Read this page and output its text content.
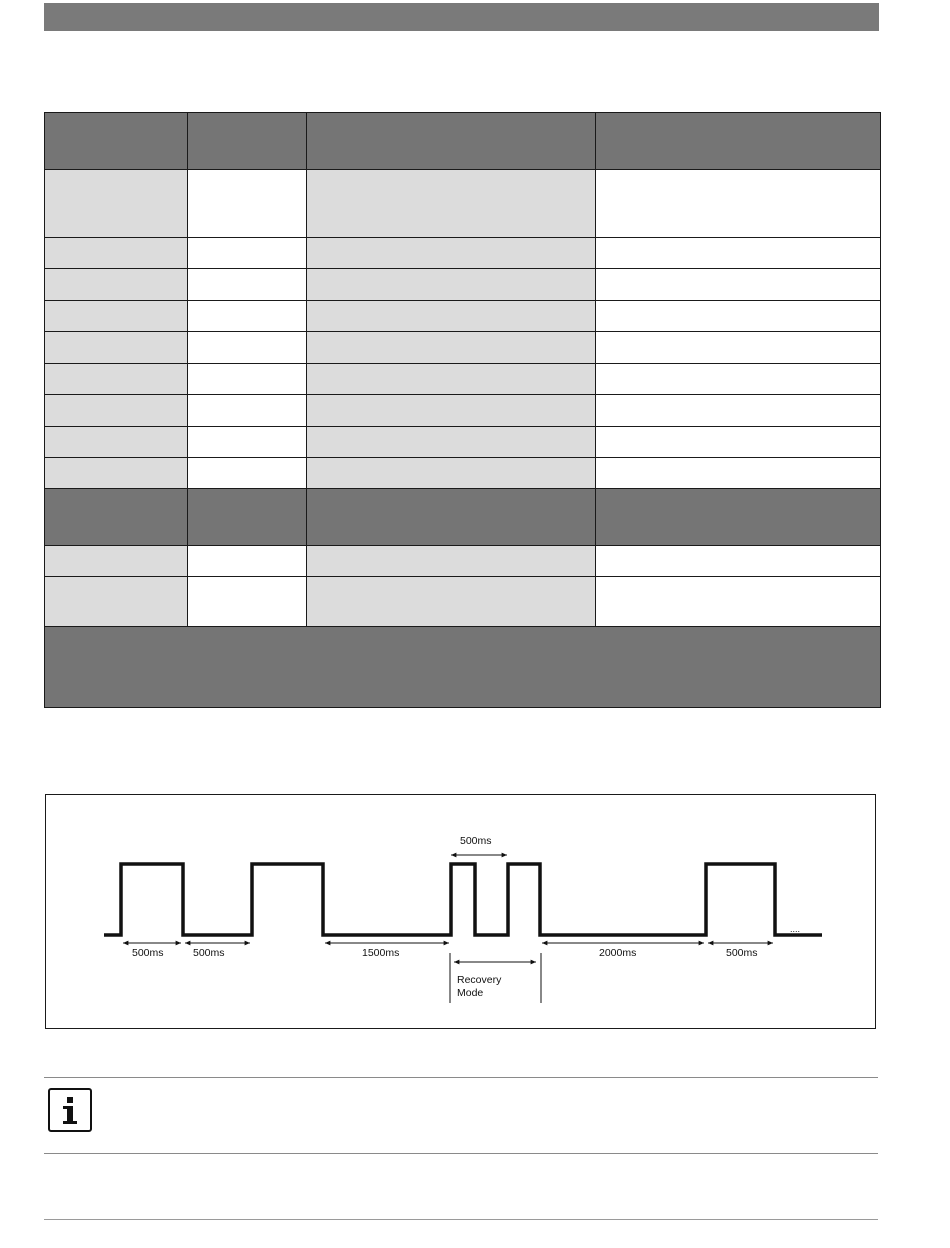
500ms	500ms	1500ms
500ms
2000ms	500ms
Recovery
Mode
....
